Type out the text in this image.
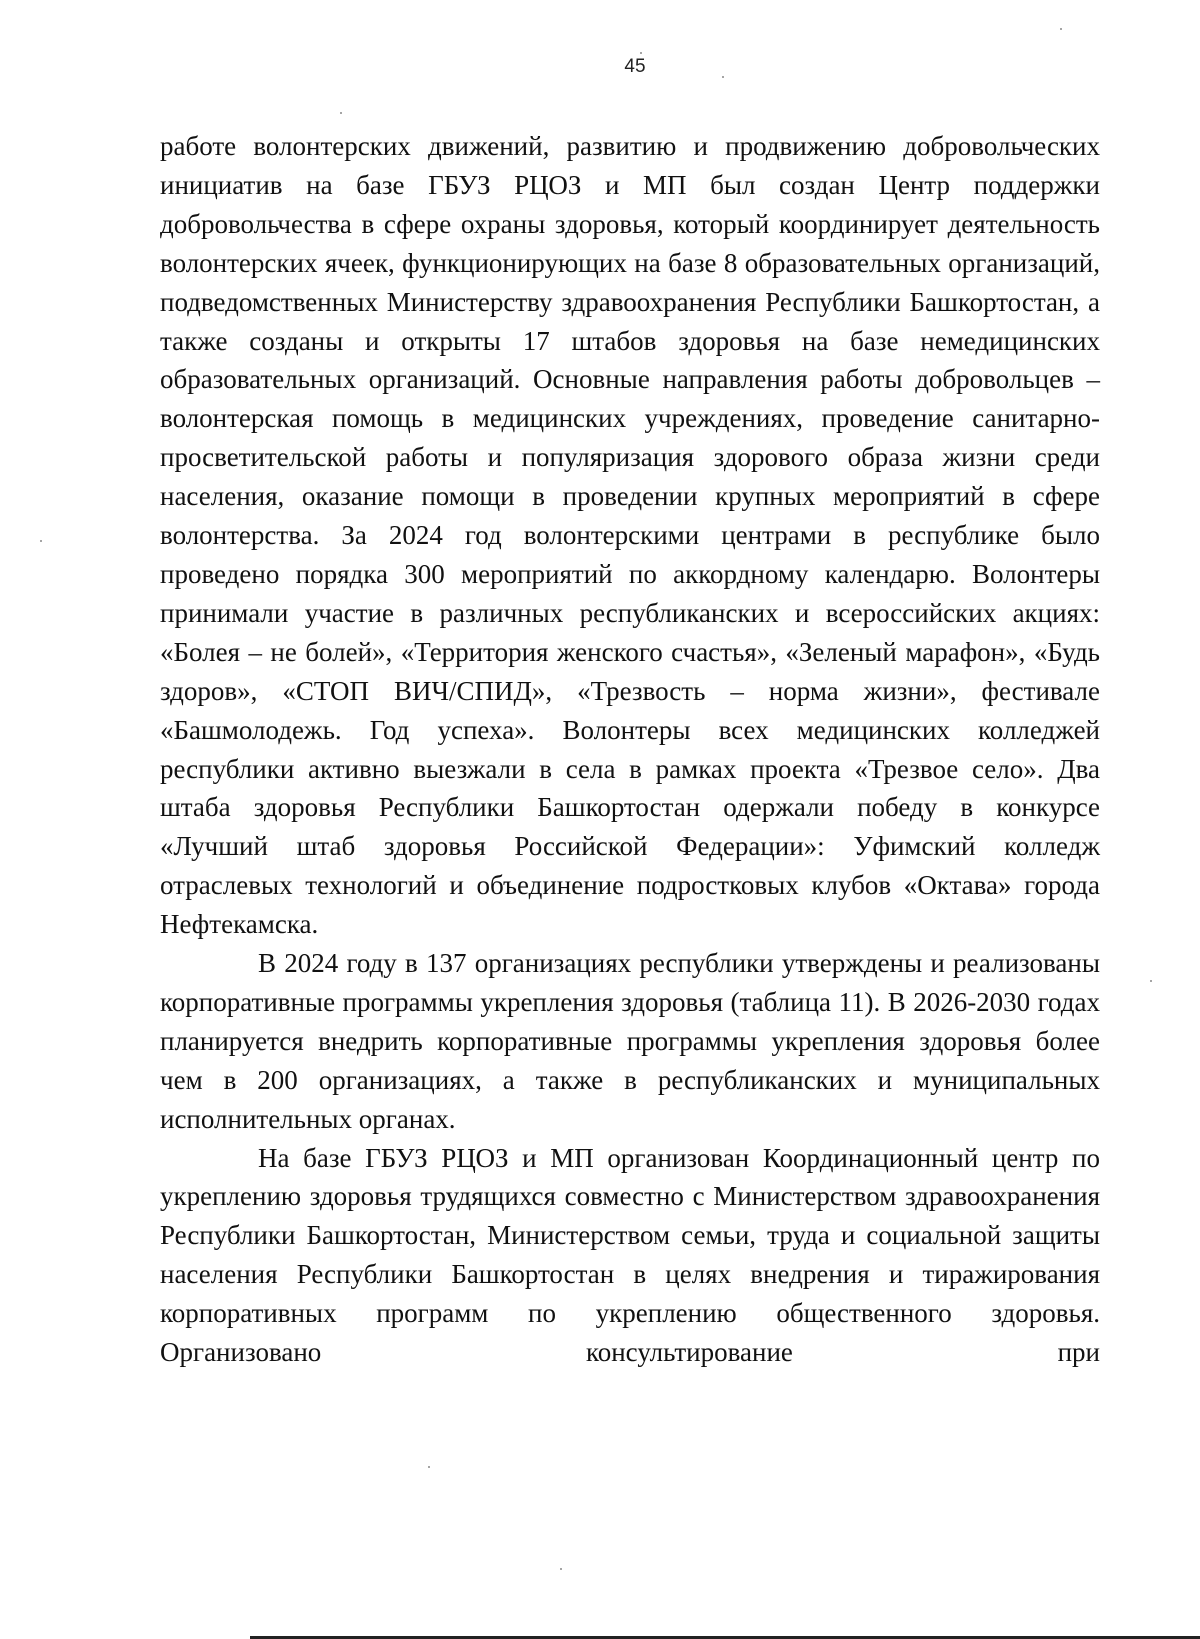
45

работе волонтерских движений, развитию и продвижению добровольческих инициатив на базе ГБУЗ РЦОЗ и МП был создан Центр поддержки добровольчества в сфере охраны здоровья, который координирует деятельность волонтерских ячеек, функционирующих на базе 8 образовательных организаций, подведомственных Министерству здравоохранения Республики Башкортостан, а также созданы и открыты 17 штабов здоровья на базе немедицинских образовательных организаций. Основные направления работы добровольцев – волонтерская помощь в медицинских учреждениях, проведение санитарно-просветительской работы и популяризация здорового образа жизни среди населения, оказание помощи в проведении крупных мероприятий в сфере волонтерства. За 2024 год волонтерскими центрами в республике было проведено порядка 300 мероприятий по аккордному календарю. Волонтеры принимали участие в различных республиканских и всероссийских акциях: «Болея – не болей», «Территория женского счастья», «Зеленый марафон», «Будь здоров», «СТОП ВИЧ/СПИД», «Трезвость – норма жизни», фестивале «Башмолодежь. Год успеха». Волонтеры всех медицинских колледжей республики активно выезжали в села в рамках проекта «Трезвое село». Два штаба здоровья Республики Башкортостан одержали победу в конкурсе «Лучший штаб здоровья Российской Федерации»: Уфимский колледж отраслевых технологий и объединение подростковых клубов «Октава» города Нефтекамска.

В 2024 году в 137 организациях республики утверждены и реализованы корпоративные программы укрепления здоровья (таблица 11). В 2026-2030 годах планируется внедрить корпоративные программы укрепления здоровья более чем в 200 организациях, а также в республиканских и муниципальных исполнительных органах.

На базе ГБУЗ РЦОЗ и МП организован Координационный центр по укреплению здоровья трудящихся совместно с Министерством здравоохранения Республики Башкортостан, Министерством семьи, труда и социальной защиты населения Республики Башкортостан в целях внедрения и тиражирования корпоративных программ по укреплению общественного здоровья. Организовано консультирование при
